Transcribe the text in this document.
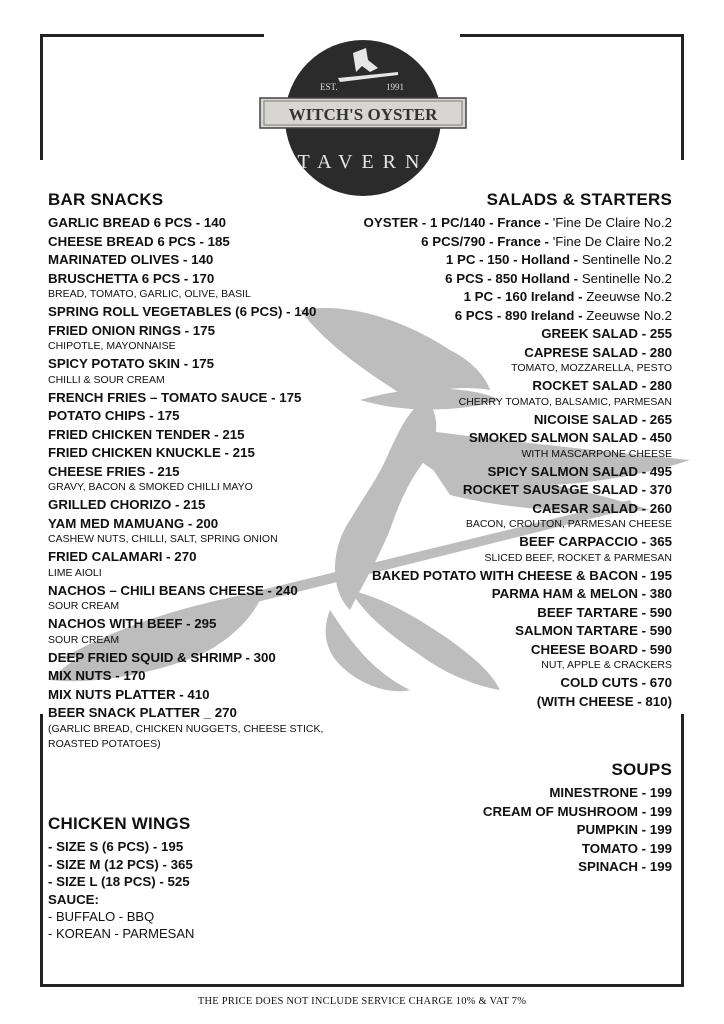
EST.	1991
WITCH'S OYSTER
TAVERN
BAR SNACKS
GARLIC BREAD 6 PCS - 140
CHEESE BREAD 6 PCS - 185
MARINATED OLIVES - 140
BRUSCHETTA 6 PCS - 170
BREAD, TOMATO, GARLIC, OLIVE, BASIL
SPRING ROLL VEGETABLES (6 PCS) - 140
FRIED ONION RINGS - 175
CHIPOTLE, MAYONNAISE
SPICY POTATO SKIN - 175
CHILLI & SOUR CREAM
FRENCH FRIES – TOMATO SAUCE - 175
POTATO CHIPS - 175
FRIED CHICKEN TENDER - 215
FRIED CHICKEN KNUCKLE - 215
CHEESE FRIES - 215
GRAVY, BACON & SMOKED CHILLI MAYO
GRILLED CHORIZO - 215
YAM MED MAMUANG - 200
CASHEW NUTS, CHILLI, SALT, SPRING ONION
FRIED CALAMARI - 270
LIME AIOLI
NACHOS – CHILI BEANS CHEESE - 240
SOUR CREAM
NACHOS WITH BEEF - 295
SOUR CREAM
DEEP FRIED SQUID & SHRIMP - 300
MIX NUTS - 170
MIX NUTS PLATTER - 410
BEER SNACK PLATTER _ 270
(GARLIC BREAD, CHICKEN NUGGETS, CHEESE STICK,
ROASTED POTATOES)
CHICKEN WINGS
- SIZE S (6 PCS) - 195
- SIZE M (12 PCS) - 365
- SIZE L (18 PCS) - 525
SAUCE:
- BUFFALO - BBQ
- KOREAN - PARMESAN
SALADS & STARTERS
OYSTER - 1 PC/140 - France - 'Fine De Claire No.2
6 PCS/790 - France - 'Fine De Claire No.2
1 PC - 150 - Holland - Sentinelle No.2
6 PCS - 850 Holland - Sentinelle No.2
1 PC - 160 Ireland - Zeeuwse No.2
6 PCS - 890 Ireland - Zeeuwse No.2
GREEK SALAD - 255
CAPRESE SALAD - 280
TOMATO, MOZZARELLA, PESTO
ROCKET SALAD - 280
CHERRY TOMATO, BALSAMIC, PARMESAN
NICOISE SALAD - 265
SMOKED SALMON SALAD - 450
WITH MASCARPONE CHEESE
SPICY SALMON SALAD - 495
ROCKET SAUSAGE SALAD - 370
CAESAR SALAD - 260
BACON, CROUTON, PARMESAN CHEESE
BEEF CARPACCIO - 365
SLICED BEEF, ROCKET & PARMESAN
BAKED POTATO WITH CHEESE & BACON - 195
PARMA HAM & MELON - 380
BEEF TARTARE - 590
SALMON TARTARE - 590
CHEESE BOARD - 590
NUT, APPLE & CRACKERS
COLD CUTS - 670
(WITH CHEESE - 810)
SOUPS
MINESTRONE - 199
CREAM OF MUSHROOM - 199
PUMPKIN - 199
TOMATO - 199
SPINACH - 199
THE PRICE DOES NOT INCLUDE SERVICE CHARGE 10% & VAT 7%
